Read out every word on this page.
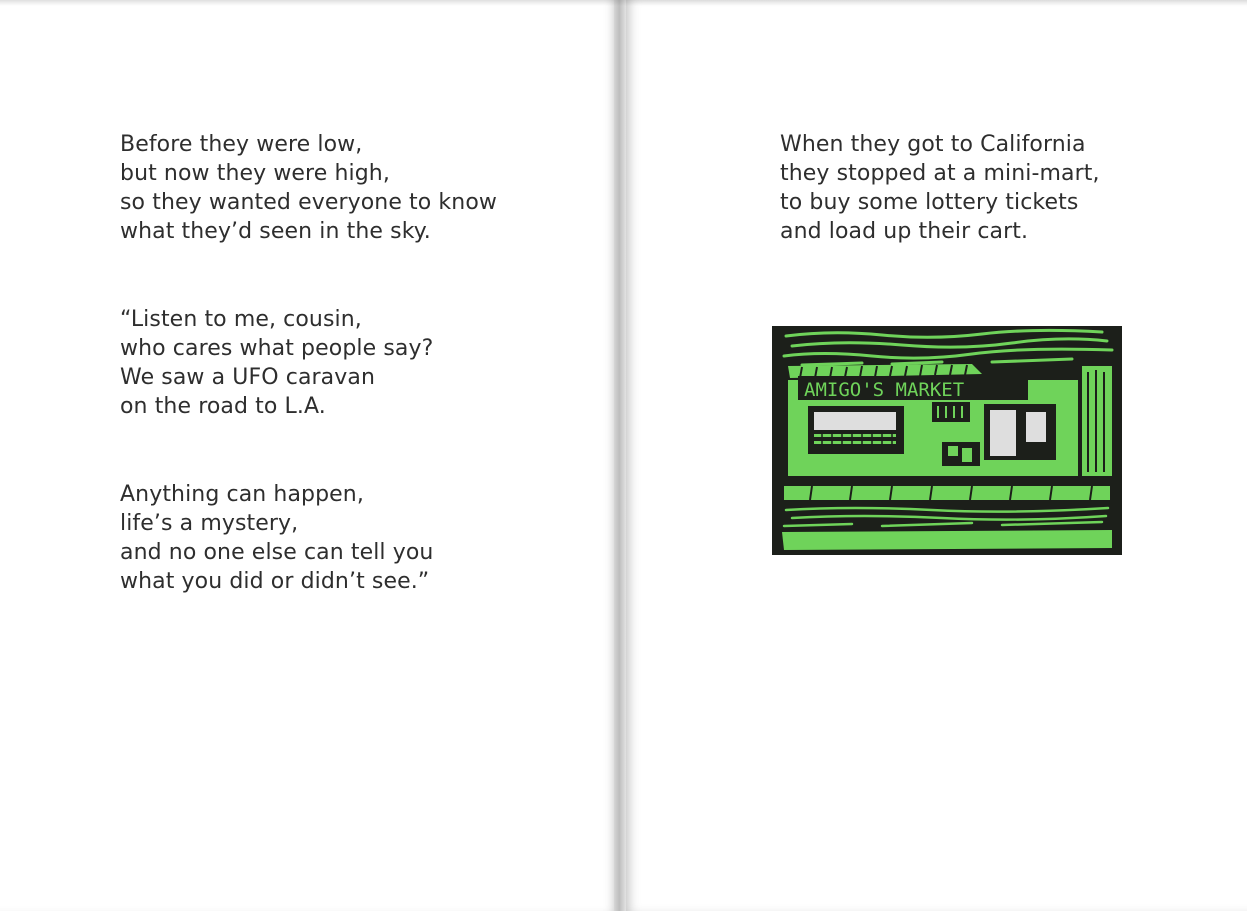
Before they were low,
but now they were high,
so they wanted everyone to know
what they’d seen in the sky.

“Listen to me, cousin,
who cares what people say?
We saw a UFO caravan
on the road to L.A.

Anything can happen,
life’s a mystery,
and no one else can tell you
what you did or didn’t see.”

When they got to California
they stopped at a mini-mart,
to buy some lottery tickets
and load up their cart.

AMIGO'S MARKET
